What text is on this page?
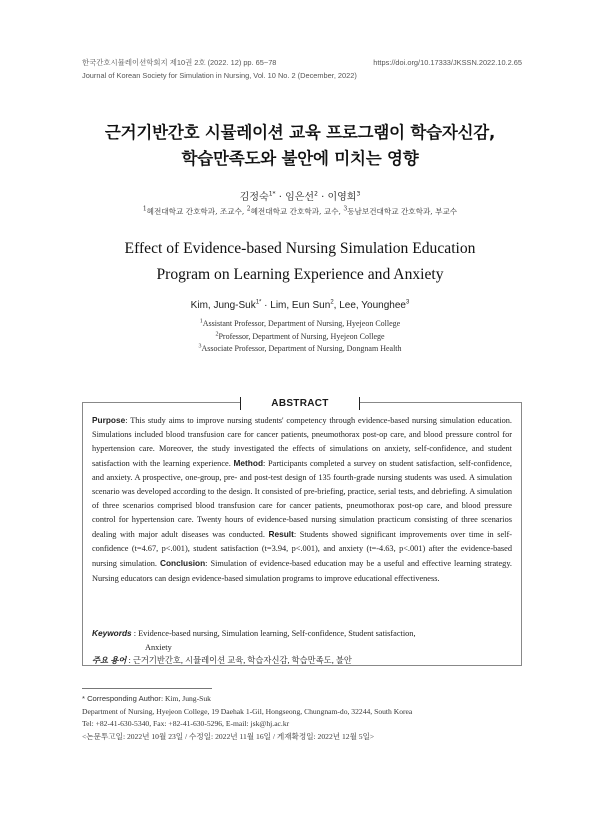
한국간호시뮬레이션학회지 제10권 2호 (2022. 12) pp. 65~78	https://doi.org/10.17333/JKSSN.2022.10.2.65
Journal of Korean Society for Simulation in Nursing, Vol. 10 No. 2 (December, 2022)
근거기반간호 시뮬레이션 교육 프로그램이 학습자신감,
학습만족도와 불안에 미치는 영향
김정숙$^{1*}$ · 임은선$^2$ · 이영희$^3$
$^1$혜전대학교 간호학과, 조교수, $^2$혜전대학교 간호학과, 교수, $^3$동남보건대학교 간호학과, 부교수
Effect of Evidence-based Nursing Simulation Education
Program on Learning Experience and Anxiety
Kim, Jung-Suk$^{1*}$ · Lim, Eun Sun$^2$, Lee, Younghee$^3$
$^1$Assistant Professor, Department of Nursing, Hyejeon College
$^2$Professor, Department of Nursing, Hyejeon College
$^3$Associate Professor, Department of Nursing, Dongnam Health
ABSTRACT
Purpose: This study aims to improve nursing students' competency through evidence-based nursing simulation education. Simulations included blood transfusion care for cancer patients, pneumothorax post-op care, and blood pressure control for hypertension care. Moreover, the study investigated the effects of simulations on anxiety, self-confidence, and student satisfaction with the learning experience. Method: Participants completed a survey on student satisfaction, self-confidence, and anxiety. A prospective, one-group, pre- and post-test design of 135 fourth-grade nursing students was used. A simulation scenario was developed according to the design. It consisted of pre-briefing, practice, serial tests, and debriefing. A simulation of three scenarios comprised blood transfusion care for cancer patients, pneumothorax post-op care, and blood pressure control for hypertension care. Twenty hours of evidence-based nursing simulation practicum consisting of three scenarios dealing with major adult diseases was conducted. Result: Students showed significant improvements over time in self-confidence (t=4.67, p<.001), student satisfaction (t=3.94, p<.001), and anxiety (t=-4.63, p<.001) after the evidence-based nursing simulation. Conclusion: Simulation of evidence-based education may be a useful and effective learning strategy. Nursing educators can design evidence-based simulation programs to improve educational effectiveness.
Keywords : Evidence-based nursing, Simulation learning, Self-confidence, Student satisfaction,
Anxiety
주요 용어 : 근거기반간호, 시뮬레이션 교육, 학습자신감, 학습만족도, 불안
* Corresponding Author: Kim, Jung-Suk
Department of Nursing, Hyejeon College, 19 Daehak 1-Gil, Hongseong, Chungnam-do, 32244, South Korea
Tel: +82-41-630-5340, Fax: +82-41-630-5296, E-mail: jsk@hj.ac.kr
<논문투고일: 2022년 10월 23일 / 수정일: 2022년 11월 16일 / 게재확정일: 2022년 12월 5일>
